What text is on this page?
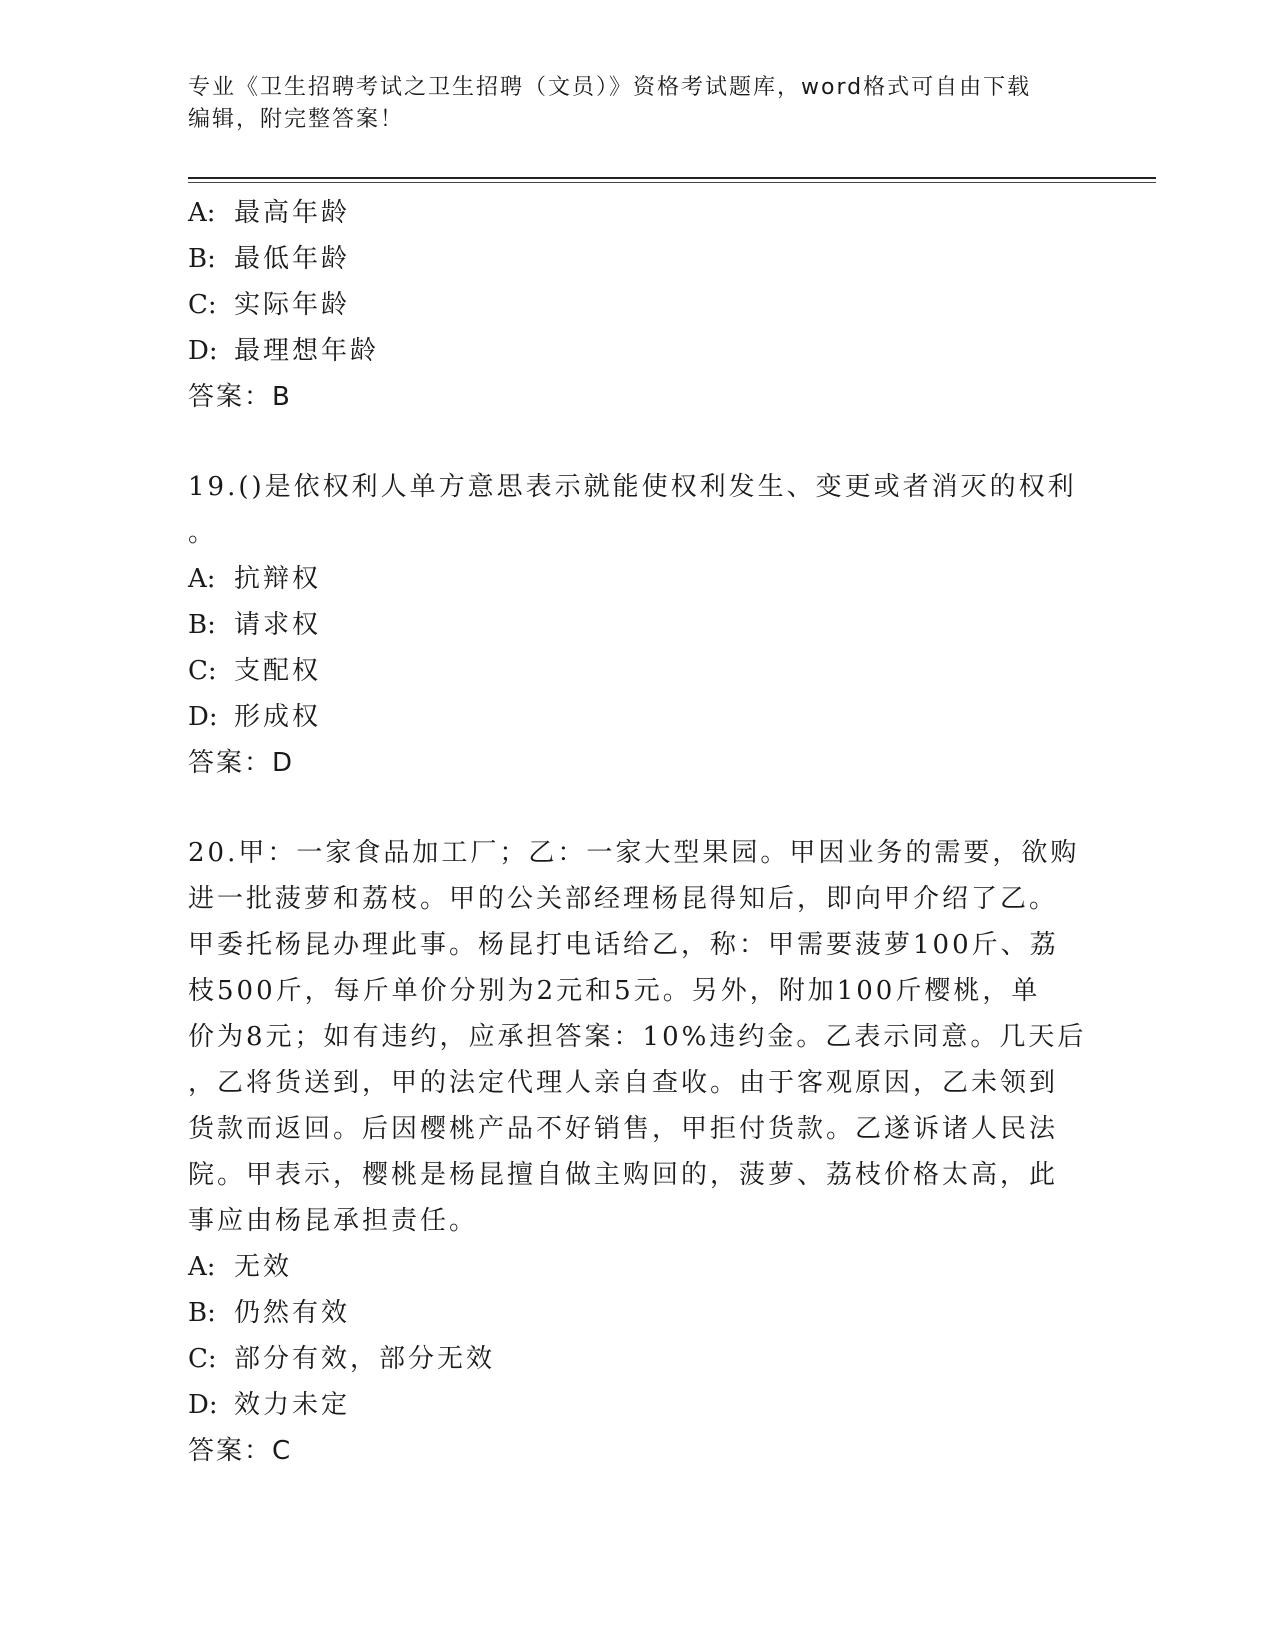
专业《卫生招聘考试之卫生招聘（文员）》资格考试题库，word格式可自由下载
编辑，附完整答案！
A: 最高年龄
B: 最低年龄
C: 实际年龄
D: 最理想年龄
答案：B
19.()是依权利人单方意思表示就能使权利发生、变更或者消灭的权利
。
A: 抗辩权
B: 请求权
C: 支配权
D: 形成权
答案：D
20.甲：一家食品加工厂；乙：一家大型果园。甲因业务的需要，欲购
进一批菠萝和荔枝。甲的公关部经理杨昆得知后，即向甲介绍了乙。
甲委托杨昆办理此事。杨昆打电话给乙，称：甲需要菠萝100斤、荔
枝500斤，每斤单价分别为2元和5元。另外，附加100斤樱桃，单
价为8元；如有违约，应承担答案：10%违约金。乙表示同意。几天后
，乙将货送到，甲的法定代理人亲自查收。由于客观原因，乙未领到
货款而返回。后因樱桃产品不好销售，甲拒付货款。乙遂诉诸人民法
院。甲表示，樱桃是杨昆擅自做主购回的，菠萝、荔枝价格太高，此
事应由杨昆承担责任。
A: 无效
B: 仍然有效
C: 部分有效，部分无效
D: 效力未定
答案：C
